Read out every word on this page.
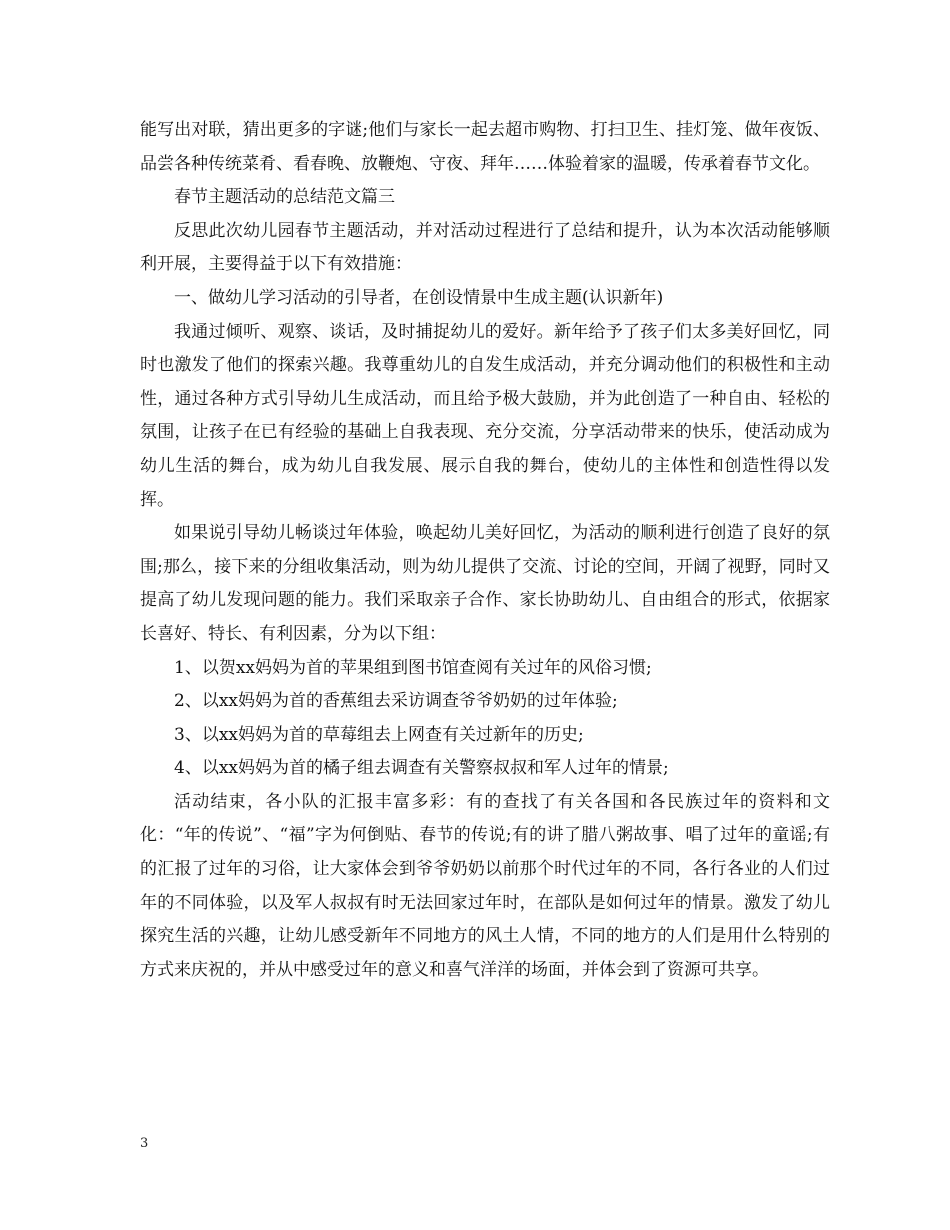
能写出对联，猜出更多的字谜;他们与家长一起去超市购物、打扫卫生、挂灯笼、做年夜饭、品尝各种传统菜肴、看春晚、放鞭炮、守夜、拜年……体验着家的温暖，传承着春节文化。

春节主题活动的总结范文篇三

反思此次幼儿园春节主题活动，并对活动过程进行了总结和提升，认为本次活动能够顺利开展，主要得益于以下有效措施：

一、做幼儿学习活动的引导者，在创设情景中生成主题(认识新年)

我通过倾听、观察、谈话，及时捕捉幼儿的爱好。新年给予了孩子们太多美好回忆，同时也激发了他们的探索兴趣。我尊重幼儿的自发生成活动，并充分调动他们的积极性和主动性，通过各种方式引导幼儿生成活动，而且给予极大鼓励，并为此创造了一种自由、轻松的氛围，让孩子在已有经验的基础上自我表现、充分交流，分享活动带来的快乐，使活动成为幼儿生活的舞台，成为幼儿自我发展、展示自我的舞台，使幼儿的主体性和创造性得以发挥。

如果说引导幼儿畅谈过年体验，唤起幼儿美好回忆，为活动的顺利进行创造了良好的氛围;那么，接下来的分组收集活动，则为幼儿提供了交流、讨论的空间，开阔了视野，同时又提高了幼儿发现问题的能力。我们采取亲子合作、家长协助幼儿、自由组合的形式，依据家长喜好、特长、有利因素，分为以下组：

1、以贺xx妈妈为首的苹果组到图书馆查阅有关过年的风俗习惯;

2、以xx妈妈为首的香蕉组去采访调查爷爷奶奶的过年体验;

3、以xx妈妈为首的草莓组去上网查有关过新年的历史;

4、以xx妈妈为首的橘子组去调查有关警察叔叔和军人过年的情景;

活动结束，各小队的汇报丰富多彩：有的查找了有关各国和各民族过年的资料和文化：“年的传说”、“福”字为何倒贴、春节的传说;有的讲了腊八粥故事、唱了过年的童谣;有的汇报了过年的习俗，让大家体会到爷爷奶奶以前那个时代过年的不同，各行各业的人们过年的不同体验，以及军人叔叔有时无法回家过年时，在部队是如何过年的情景。激发了幼儿探究生活的兴趣，让幼儿感受新年不同地方的风土人情，不同的地方的人们是用什么特别的方式来庆祝的，并从中感受过年的意义和喜气洋洋的场面，并体会到了资源可共享。

3
